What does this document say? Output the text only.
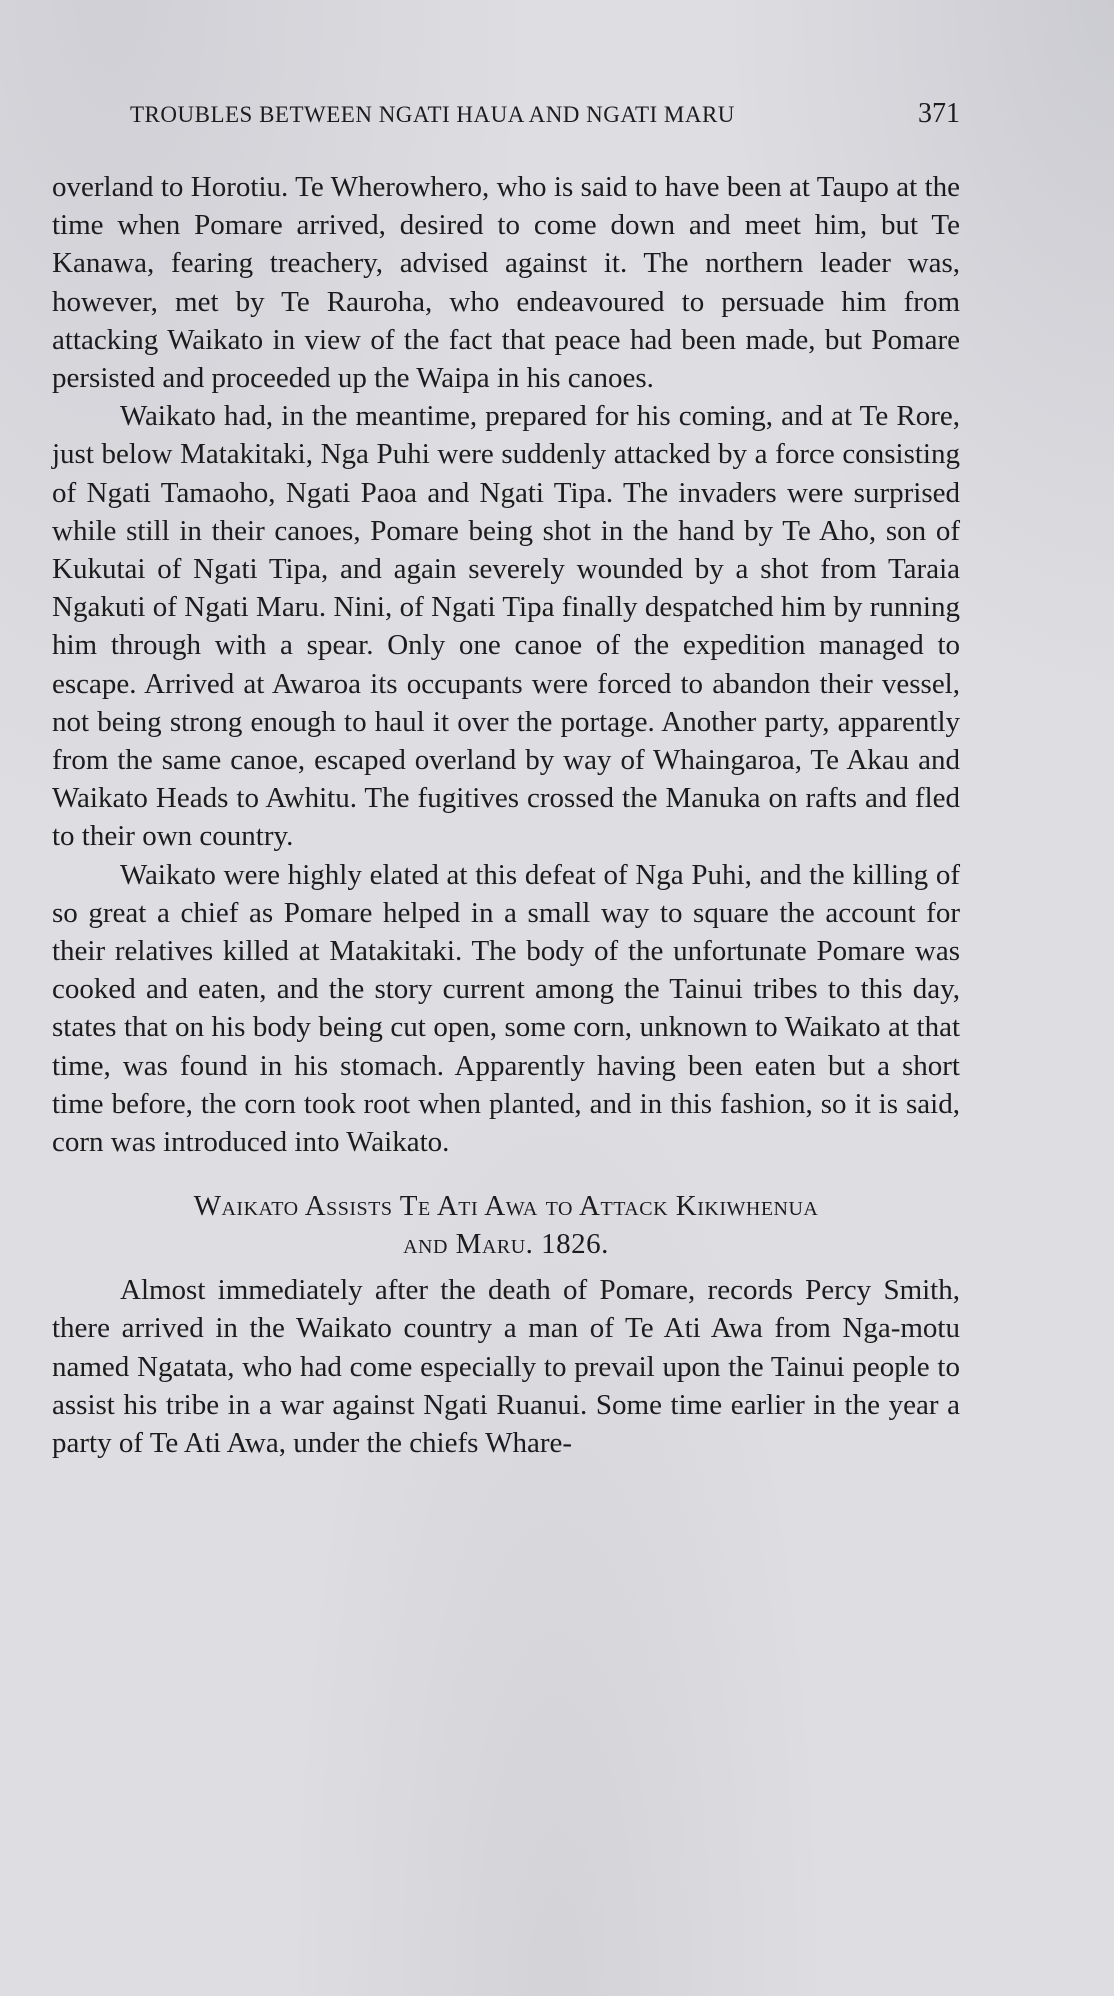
TROUBLES BETWEEN NGATI HAUA AND NGATI MARU	371

overland to Horotiu. Te Wherowhero, who is said to have been at Taupo at the time when Pomare arrived, desired to come down and meet him, but Te Kanawa, fearing treachery, advised against it. The northern leader was, however, met by Te Rauroha, who endeavoured to persuade him from attacking Waikato in view of the fact that peace had been made, but Pomare persisted and proceeded up the Waipa in his canoes.

Waikato had, in the meantime, prepared for his coming, and at Te Rore, just below Matakitaki, Nga Puhi were suddenly attacked by a force consisting of Ngati Tamaoho, Ngati Paoa and Ngati Tipa. The invaders were surprised while still in their canoes, Pomare being shot in the hand by Te Aho, son of Kukutai of Ngati Tipa, and again severely wounded by a shot from Taraia Ngakuti of Ngati Maru. Nini, of Ngati Tipa finally despatched him by running him through with a spear. Only one canoe of the expedition managed to escape. Arrived at Awaroa its occupants were forced to abandon their vessel, not being strong enough to haul it over the portage. Another party, apparently from the same canoe, escaped overland by way of Whaingaroa, Te Akau and Waikato Heads to Awhitu. The fugitives crossed the Manuka on rafts and fled to their own country.

Waikato were highly elated at this defeat of Nga Puhi, and the killing of so great a chief as Pomare helped in a small way to square the account for their relatives killed at Matakitaki. The body of the unfortunate Pomare was cooked and eaten, and the story current among the Tainui tribes to this day, states that on his body being cut open, some corn, unknown to Waikato at that time, was found in his stomach. Apparently having been eaten but a short time before, the corn took root when planted, and in this fashion, so it is said, corn was introduced into Waikato.

Waikato Assists Te Ati Awa to Attack Kikiwhenua
and Maru. 1826.

Almost immediately after the death of Pomare, records Percy Smith, there arrived in the Waikato country a man of Te Ati Awa from Nga-motu named Ngatata, who had come especially to prevail upon the Tainui people to assist his tribe in a war against Ngati Ruanui. Some time earlier in the year a party of Te Ati Awa, under the chiefs Whare-
